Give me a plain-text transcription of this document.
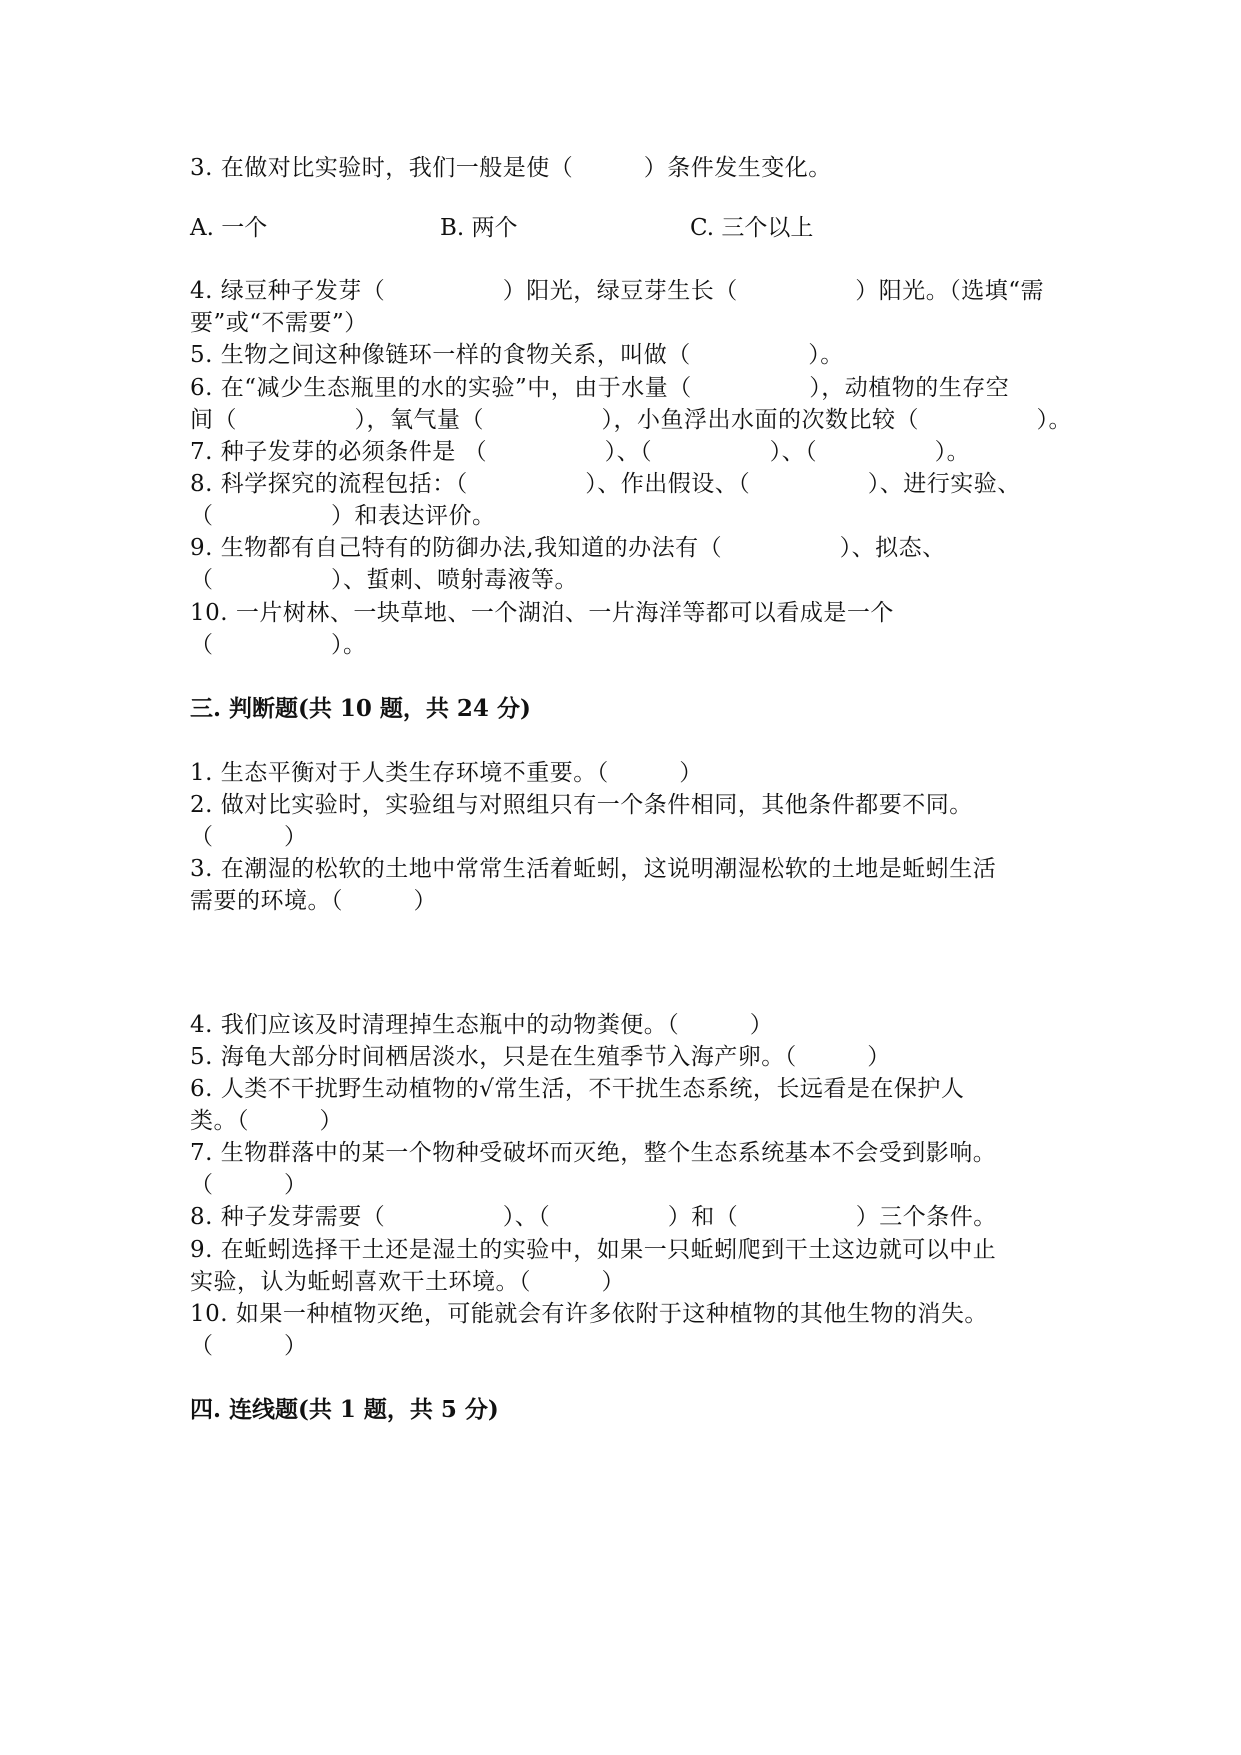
3. 在做对比实验时，我们一般是使（　　　）条件发生变化。
A. 一个	B. 两个	C. 三个以上
4. 绿豆种子发芽（　　　　　）阳光，绿豆芽生长（　　　　　）阳光。（选填“需
要”或“不需要”）
5. 生物之间这种像链环一样的食物关系，叫做（　　　　　）。
6. 在“减少生态瓶里的水的实验”中，由于水量（　　　　　），动植物的生存空
间（　　　　　），氧气量（　　　　　），小鱼浮出水面的次数比较（　　　　　）。
7. 种子发芽的必须条件是 （　　　　　）、（　　　　　）、（　　　　　）。
8. 科学探究的流程包括：（　　　　　）、作出假设、（　　　　　）、进行实验、
（　　　　　）和表达评价。
9. 生物都有自己特有的防御办法,我知道的办法有（　　　　　）、拟态、
（　　　　　）、蜇刺、喷射毒液等。
10. 一片树林、一块草地、一个湖泊、一片海洋等都可以看成是一个
（　　　　　）。
三. 判断题(共 10 题，共 24 分)
1. 生态平衡对于人类生存环境不重要。（　　　）
2. 做对比实验时，实验组与对照组只有一个条件相同，其他条件都要不同。
（　　　）
3. 在潮湿的松软的土地中常常生活着蚯蚓，这说明潮湿松软的土地是蚯蚓生活
需要的环境。（　　　）
4. 我们应该及时清理掉生态瓶中的动物粪便。（　　　）
5. 海龟大部分时间栖居淡水，只是在生殖季节入海产卵。（　　　）
6. 人类不干扰野生动植物的√常生活，不干扰生态系统，长远看是在保护人
类。（　　　）
7. 生物群落中的某一个物种受破坏而灭绝，整个生态系统基本不会受到影响。
（　　　）
8. 种子发芽需要（　　　　　）、（　　　　　）和（　　　　　）三个条件。
9. 在蚯蚓选择干土还是湿土的实验中，如果一只蚯蚓爬到干土这边就可以中止
实验，认为蚯蚓喜欢干土环境。（　　　）
10. 如果一种植物灭绝，可能就会有许多依附于这种植物的其他生物的消失。
（　　　）
四. 连线题(共 1 题，共 5 分)
